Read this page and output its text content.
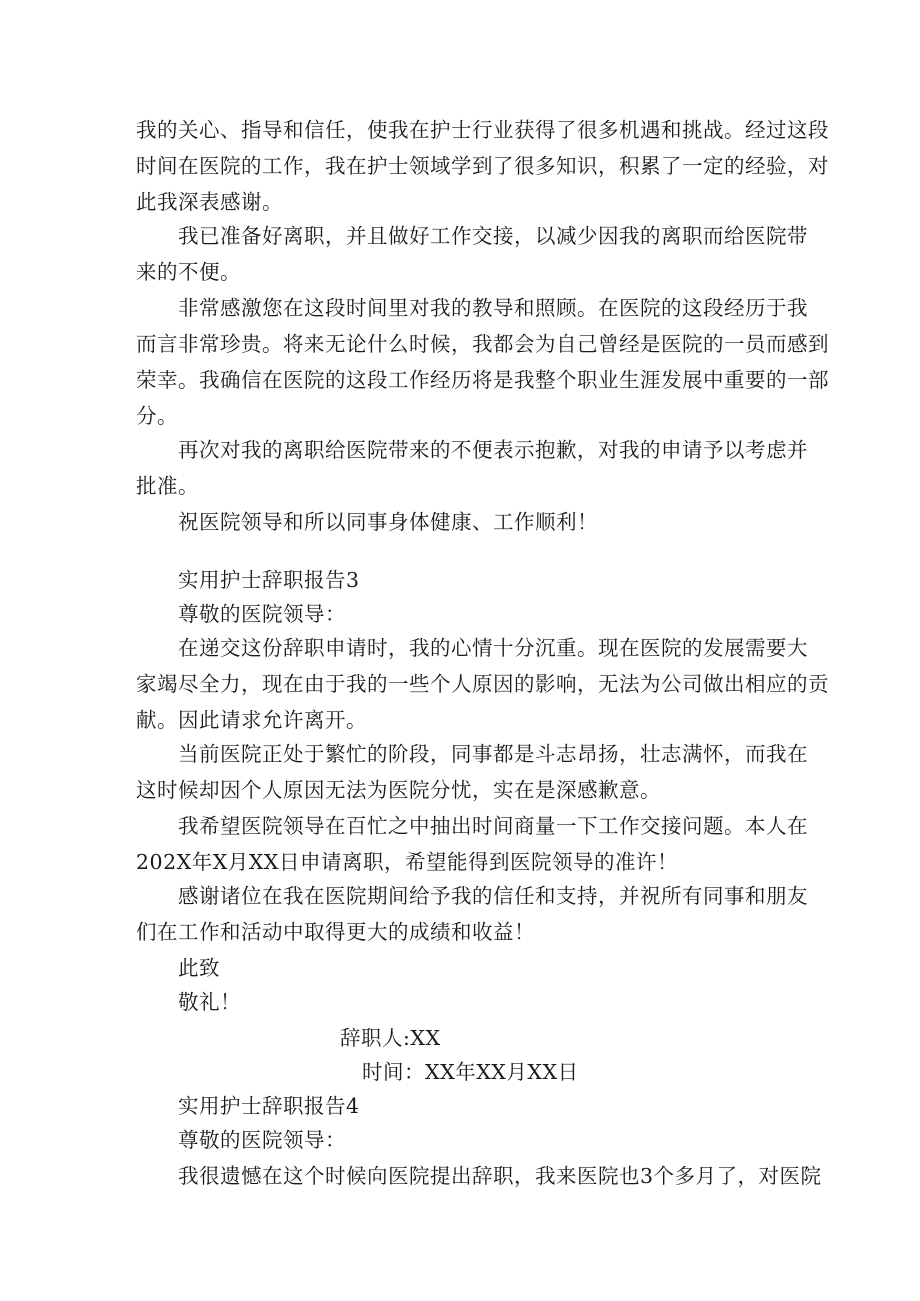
我的关心、指导和信任，使我在护士行业获得了很多机遇和挑战。经过这段
时间在医院的工作，我在护士领域学到了很多知识，积累了一定的经验，对
此我深表感谢。
我已准备好离职，并且做好工作交接，以减少因我的离职而给医院带
来的不便。
非常感激您在这段时间里对我的教导和照顾。在医院的这段经历于我
而言非常珍贵。将来无论什么时候，我都会为自己曾经是医院的一员而感到
荣幸。我确信在医院的这段工作经历将是我整个职业生涯发展中重要的一部
分。
再次对我的离职给医院带来的不便表示抱歉，对我的申请予以考虑并
批准。
祝医院领导和所以同事身体健康、工作顺利！
实用护士辞职报告3
尊敬的医院领导：
在递交这份辞职申请时，我的心情十分沉重。现在医院的发展需要大
家竭尽全力，现在由于我的一些个人原因的影响，无法为公司做出相应的贡
献。因此请求允许离开。
当前医院正处于繁忙的阶段，同事都是斗志昂扬，壮志满怀，而我在
这时候却因个人原因无法为医院分忧，实在是深感歉意。
我希望医院领导在百忙之中抽出时间商量一下工作交接问题。本人在
202X年X月XX日申请离职，希望能得到医院领导的准许！
感谢诸位在我在医院期间给予我的信任和支持，并祝所有同事和朋友
们在工作和活动中取得更大的成绩和收益！
此致
敬礼！
辞职人:XX
时间：XX年XX月XX日
实用护士辞职报告4
尊敬的医院领导：
我很遗憾在这个时候向医院提出辞职，我来医院也3个多月了，对医院
